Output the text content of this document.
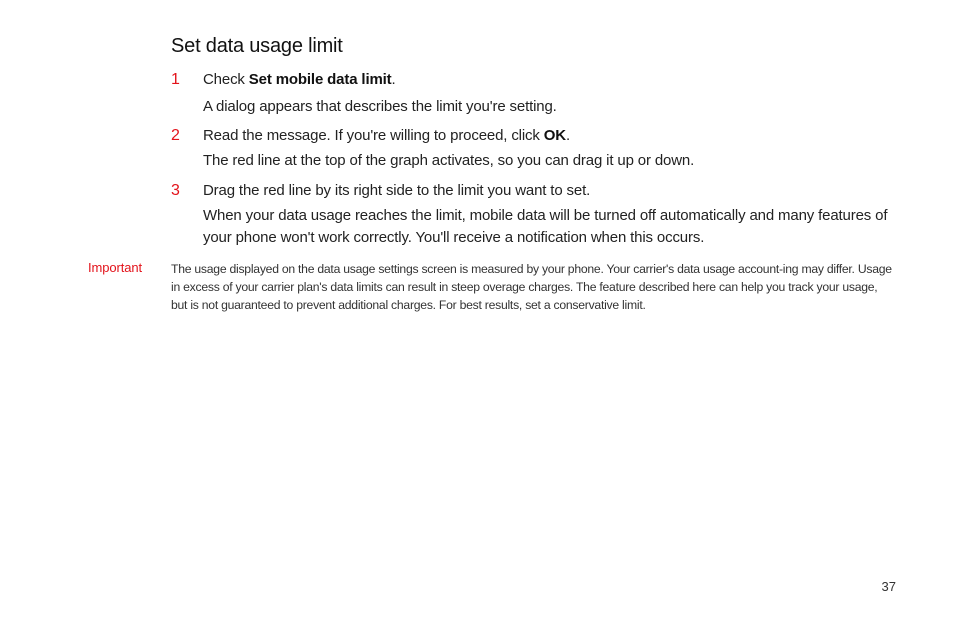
Set data usage limit
1	Check Set mobile data limit.

A dialog appears that describes the limit you're setting.

2	Read the message. If you're willing to proceed, click OK.

The red line at the top of the graph activates, so you can drag it up or down.

3	Drag the red line by its right side to the limit you want to set.

When your data usage reaches the limit, mobile data will be turned off automatically and many features of your phone won't work correctly. You'll receive a notification when this occurs.

Important The usage displayed on the data usage settings screen is measured by your phone. Your carrier's data usage account-ing may differ. Usage in excess of your carrier plan's data limits can result in steep overage charges. The feature described here can help you track your usage, but is not guaranteed to prevent additional charges. For best results, set a conservative limit.

37
